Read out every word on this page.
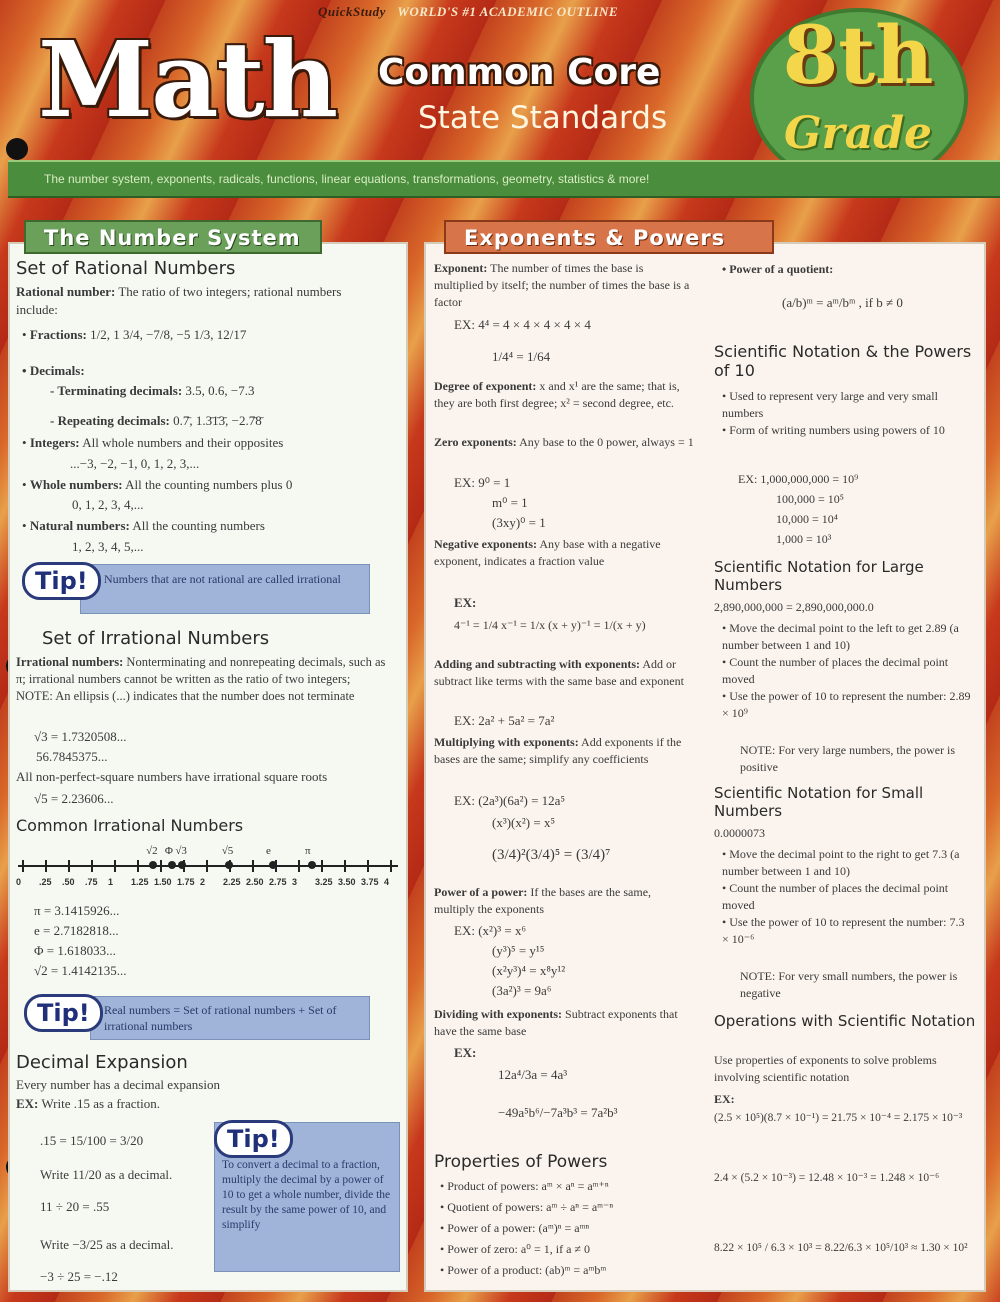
QuickStudy WORLD'S #1 ACADEMIC OUTLINE
Math Common Core
State Standards
8th
Grade
The number system, exponents, radicals, functions, linear equations, transformations, geometry, statistics & more!
The Number System
Set of Rational Numbers
Rational number: The ratio of two integers; rational numbers include:
• Fractions: 1/2, 1 3/4, −7/8, −5 1/3, 12/17
• Decimals:
- Terminating decimals: 3.5, 0.6, −7.3
- Repeating decimals: 0.7̄, 1.3̄1̄3̄, −2.7̄8̄
• Integers: All whole numbers and their opposites
...−3, −2, −1, 0, 1, 2, 3,...
• Whole numbers: All the counting numbers plus 0
0, 1, 2, 3, 4,...
• Natural numbers: All the counting numbers
1, 2, 3, 4, 5,...
Tip!	Numbers that are not rational are called irrational
Set of Irrational Numbers
Irrational numbers: Nonterminating and nonrepeating decimals, such as π; irrational numbers cannot be written as the ratio of two integers; NOTE: An ellipsis (...) indicates that the number does not terminate
√3 = 1.7320508...
56.7845375...
All non-perfect-square numbers have irrational square roots
√5 = 2.23606...
Common Irrational Numbers
0 .25 .50 .75 1 1.25 1.50 1.75 2 2.25 2.50 2.75 3 3.25 3.50 3.75 4
√2 Φ √3	√5	e	π
π = 3.1415926...
e = 2.7182818...
Φ = 1.618033...
√2 = 1.4142135...
Tip!	Real numbers = Set of rational numbers + Set of irrational numbers
Decimal Expansion
Every number has a decimal expansion
EX: Write .15 as a fraction.
.15 = 15/100 = 3/20
Write 11/20 as a decimal.
11 ÷ 20 = .55
Write −3/25 as a decimal.
−3 ÷ 25 = −.12
Tip!
To convert a decimal to a fraction, multiply the decimal by a power of 10 to get a whole number, divide the result by the same power of 10, and simplify
Exponents & Powers
Exponent: The number of times the base is multiplied by itself; the number of times the base is a factor
EX: 4⁴ = 4 × 4 × 4 × 4 × 4
1/4⁴ = 1/64
Degree of exponent: x and x¹ are the same; that is, they are both first degree; x² = second degree, etc.
Zero exponents: Any base to the 0 power, always = 1
EX: 9⁰ = 1
m⁰ = 1
(3xy)⁰ = 1
Negative exponents: Any base with a negative exponent, indicates a fraction value
EX:
4⁻¹ = 1/4 x⁻¹ = 1/x (x + y)⁻¹ = 1/(x + y)
Adding and subtracting with exponents: Add or subtract like terms with the same base and exponent
EX: 2a² + 5a² = 7a²
Multiplying with exponents: Add exponents if the bases are the same; simplify any coefficients
EX: (2a³)(6a²) = 12a⁵
(x³)(x²) = x⁵
(3/4)²(3/4)⁵ = (3/4)⁷
Power of a power: If the bases are the same, multiply the exponents
EX: (x²)³ = x⁶
(y³)⁵ = y¹⁵
(x²y³)⁴ = x⁸y¹²
(3a²)³ = 9a⁶
Dividing with exponents: Subtract exponents that have the same base
EX:
12a⁴/3a = 4a³
−49a⁵b⁶/−7a³b³ = 7a²b³
Properties of Powers
• Product of powers: aᵐ × aⁿ = aᵐ⁺ⁿ
• Quotient of powers: aᵐ ÷ aⁿ = aᵐ⁻ⁿ
• Power of a power: (aᵐ)ⁿ = aᵐⁿ
• Power of zero: a⁰ = 1, if a ≠ 0
• Power of a product: (ab)ᵐ = aᵐbᵐ
• Power of a quotient:
(a/b)ᵐ = aᵐ/bᵐ , if b ≠ 0
Scientific Notation & the Powers of 10
• Used to represent very large and very small numbers
• Form of writing numbers using powers of 10
EX: 1,000,000,000 = 10⁹
100,000 = 10⁵
10,000 = 10⁴
1,000 = 10³
Scientific Notation for Large Numbers
2,890,000,000 = 2,890,000,000.0
• Move the decimal point to the left to get 2.89 (a number between 1 and 10)
• Count the number of places the decimal point moved
• Use the power of 10 to represent the number: 2.89 × 10⁹
NOTE: For very large numbers, the power is positive
Scientific Notation for Small Numbers
0.0000073
• Move the decimal point to the right to get 7.3 (a number between 1 and 10)
• Count the number of places the decimal point moved
• Use the power of 10 to represent the number: 7.3 × 10⁻⁶
NOTE: For very small numbers, the power is negative
Operations with Scientific Notation
Use properties of exponents to solve problems involving scientific notation
EX:
(2.5 × 10⁵)(8.7 × 10⁻¹) = 21.75 × 10⁻⁴ = 2.175 × 10⁻³
2.4 × (5.2 × 10⁻³) = 12.48 × 10⁻³ = 1.248 × 10⁻⁶
8.22 × 10⁵ / 6.3 × 10³ = 8.22/6.3 × 10⁵/10³ ≈ 1.30 × 10²
